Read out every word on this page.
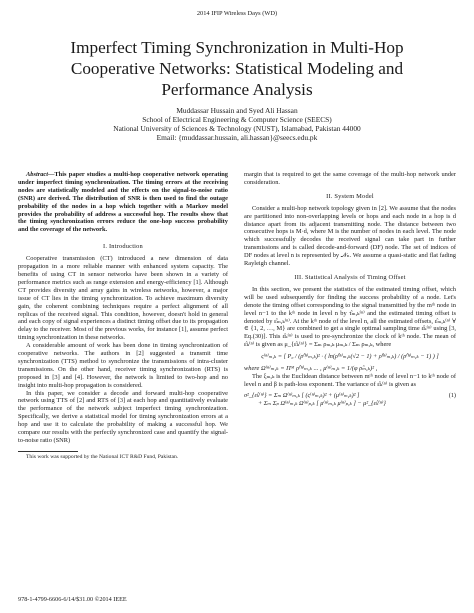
2014 IFIP Wireless Days (WD)
Imperfect Timing Synchronization in Multi-Hop
Cooperative Networks: Statistical Modeling and
Performance Analysis
Muddassar Hussain and Syed Ali Hassan
School of Electrical Engineering & Computer Science (SEECS)
National University of Sciences & Technology (NUST), Islamabad, Pakistan 44000
Email: {muddassar.hussain, ali.hassan}@seecs.edu.pk

Abstract—This paper studies a multi-hop cooperative network operating under imperfect timing synchronization. The timing errors at the receiving nodes are statistically modeled and the effects on the signal-to-noise ratio (SNR) are derived. The distribution of SNR is then used to find the outage probability of the nodes in a hop which together with a Markov model provides the probability of address a successful hop. The results show that the timing synchronization errors reduce the one-hop success probability and the coverage of the network.

I. Introduction

Cooperative transmission (CT) introduced a new dimension of data propagation in a more reliable manner with enhanced system capacity. The benefits of using CT in sensor networks have been shown in a variety of performance metrics such as range extension and energy-efficiency [1]. Although CT provides diversity and array gains in wireless networks, however, a major issue of CT lies in the timing synchronization. To achieve maximum diversity gain, the coherent combining techniques require a perfect alignment of all replicas of the received signal. This condition, however, doesn't hold in general and each copy of signal experiences a distinct timing offset due to its propagation delay to the receiver. Most of the previous works, for instance [1], assume perfect timing synchronization in these networks.

A considerable amount of work has been done in timing synchronization of cooperative networks. The authors in [2] suggested a transmit time synchronization (TTS) method to synchronize the transmissions of intra-cluster transmissions. On the other hand, receiver timing synchronization (RTS) is proposed in [3] and [4]. However, the network is limited to two-hop and no insight into multi-hop propagation is considered.

In this paper, we consider a decode and forward multi-hop cooperative network using TTS of [2] and RTS of [3] at each hop and quantitatively evaluate the performance of the network subject imperfect timing synchronization. Specifically, we derive a statistical model for timing synchronization errors at a hop and use it to calculate the probability of making a successful hop. We compare our results with the perfectly synchronized case and quantify the signal-to-noise ratio (SNR)

This work was supported by the National ICT R&D Fund, Pakistan.

margin that is required to get the same coverage of the multi-hop network under consideration.

II. System Model

Consider a multi-hop network topology given in [2]. We assume that the nodes are partitioned into non-overlapping levels or hops and each node in a hop is d distance apart from its adjacent transmitting node. The distance between two consecutive hops is M·d, where M is the number of nodes in each level. The node which successfully decodes the received signal can take part in further transmissions and is called decode-and-forward (DF) node. The set of indices of DF nodes at level n is represented by 𝒩ₙ. We assume a quasi-static and flat fading Rayleigh channel.

III. Statistical Analysis of Timing Offset

In this section, we present the statistics of the estimated timing offset, which will be used subsequently for finding the success probability of a node. Let's denote the timing offset corresponding to the signal transmitted by the mᵗʰ node in level n−1 to the kᵗʰ node in level n by τ̂ₘ,ₖ⁽ⁿ⁾ and the estimated timing offset is denoted by ε̂ₘ,ₖ⁽ⁿ⁾. At the kᵗʰ node of the level n, all the estimated offsets, ε̂ₘ,ₖ⁽ⁿ⁾ ∀ ∈ {1, 2, …, M} are combined to get a single optimal sampling time ε̂ₖ⁽ⁿ⁾ using [3, Eq.(30)]. This ε̂ₖ⁽ⁿ⁾ is used to pre-synchronize the clock of kᵗʰ node. The mean of ε̂ₖ⁽ⁿ⁾ is given as μ_{ε̂ₖ⁽ⁿ⁾} = Σₘ ρₘ,ₖ μₘ,ₖ / Σₘ ρₘ,ₖ, where

ς⁽ⁿ⁾ₘ,ₖ = [ P₀ / (ρ̂⁽ⁿ⁾ₘ,ₖ)² · ( ln(ρ̂⁽ⁿ⁾ₘ,ₖ(√2 − 1) + ρ̂⁽ⁿ⁾ₘ,ₖ) / (ρ̂⁽ⁿ⁾ₘ,ₖ − 1) ) ]

where Ω⁽ⁿ⁾ₘ,ₖ = Πᴹ ρ̂⁽ⁿ⁾ₘ,ₖ ... , μ⁽ⁿ⁾ₘ,ₖ = 1/(φ ρ̂ₘ,ₖ)² ,

The ξₘ,ₖ is the Euclidean distance between mᵗʰ node of level n−1 to kᵗʰ node of level n and β is path-loss exponent. The variance of ε̂ₖ⁽ⁿ⁾ is given as

σ²_{ε̂ₖ⁽ⁿ⁾} = Σₘ Ω⁽ⁿ⁾ₘ,ₖ [ (ς⁽ⁿ⁾ₘ,ₖ)² + (μ⁽ⁿ⁾ₘ,ₖ)² ]	(1)
+ Σₘ Σₚ Ω⁽ⁿ⁾ₘ,ₖ Ω⁽ⁿ⁾ₚ,ₖ [ μ⁽ⁿ⁾ₘ,ₖ μ⁽ⁿ⁾ₚ,ₖ ] − μ²_{ε̂ₖ⁽ⁿ⁾}
978-1-4799-6606-6/14/$31.00 ©2014 IEEE
